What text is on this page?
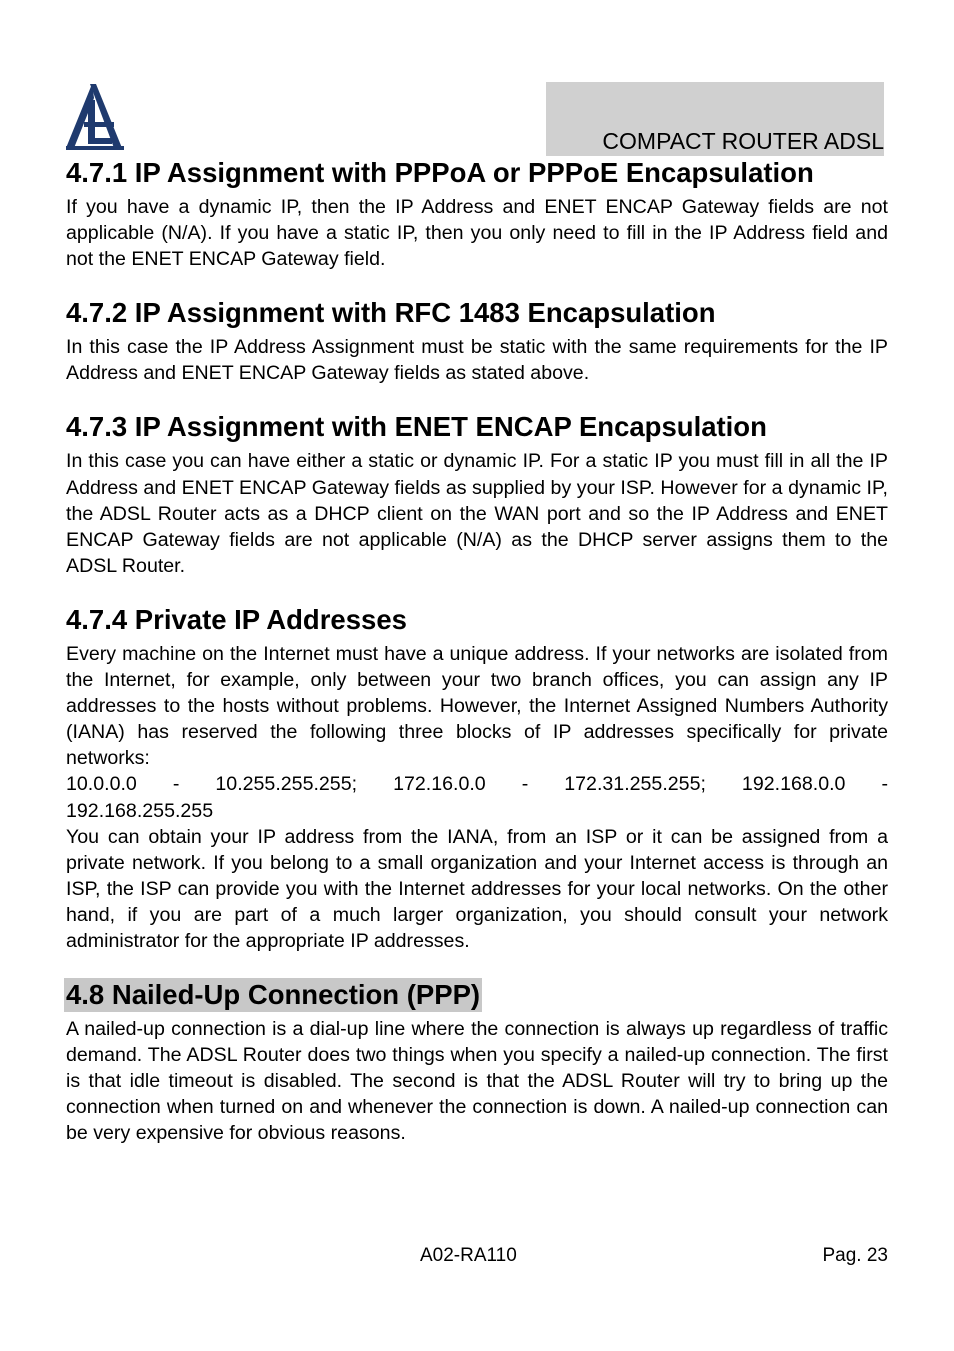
COMPACT ROUTER ADSL
4.7.1 IP Assignment with PPPoA or PPPoE Encapsulation

If you have a dynamic IP, then the IP Address and ENET ENCAP Gateway fields are not applicable (N/A). If you have a static IP, then you only need to fill in the IP Address field and not the ENET ENCAP Gateway field.

4.7.2 IP Assignment with RFC 1483 Encapsulation

In this case the IP Address Assignment must be static with the same requirements for the IP Address and ENET ENCAP Gateway fields as stated above.

4.7.3 IP Assignment with ENET ENCAP Encapsulation

In this case you can have either a static or dynamic IP. For a static IP you must fill in all the IP Address and ENET ENCAP Gateway fields as supplied by your ISP. However for a dynamic IP, the ADSL Router acts as a DHCP client on the WAN port and so the IP Address and ENET ENCAP Gateway fields are not applicable (N/A) as the DHCP server assigns them to the ADSL Router.

4.7.4 Private IP Addresses

Every machine on the Internet must have a unique address. If your networks are isolated from the Internet, for example, only between your two branch offices, you can assign any IP addresses to the hosts without problems. However, the Internet Assigned Numbers Authority (IANA) has reserved the following three blocks of IP addresses specifically for private networks:

10.0.0.0 - 10.255.255.255; 172.16.0.0 - 172.31.255.255; 192.168.0.0 -

192.168.255.255

You can obtain your IP address from the IANA, from an ISP or it can be assigned from a private network. If you belong to a small organization and your Internet access is through an ISP, the ISP can provide you with the Internet addresses for your local networks. On the other hand, if you are part of a much larger organization, you should consult your network administrator for the appropriate IP addresses.

4.8 Nailed-Up Connection (PPP)

A nailed-up connection is a dial-up line where the connection is always up regardless of traffic demand. The ADSL Router does two things when you specify a nailed-up connection. The first is that idle timeout is disabled. The second is that the ADSL Router will try to bring up the connection when turned on and whenever the connection is down. A nailed-up connection can be very expensive for obvious reasons.

A02-RA110	Pag. 23
